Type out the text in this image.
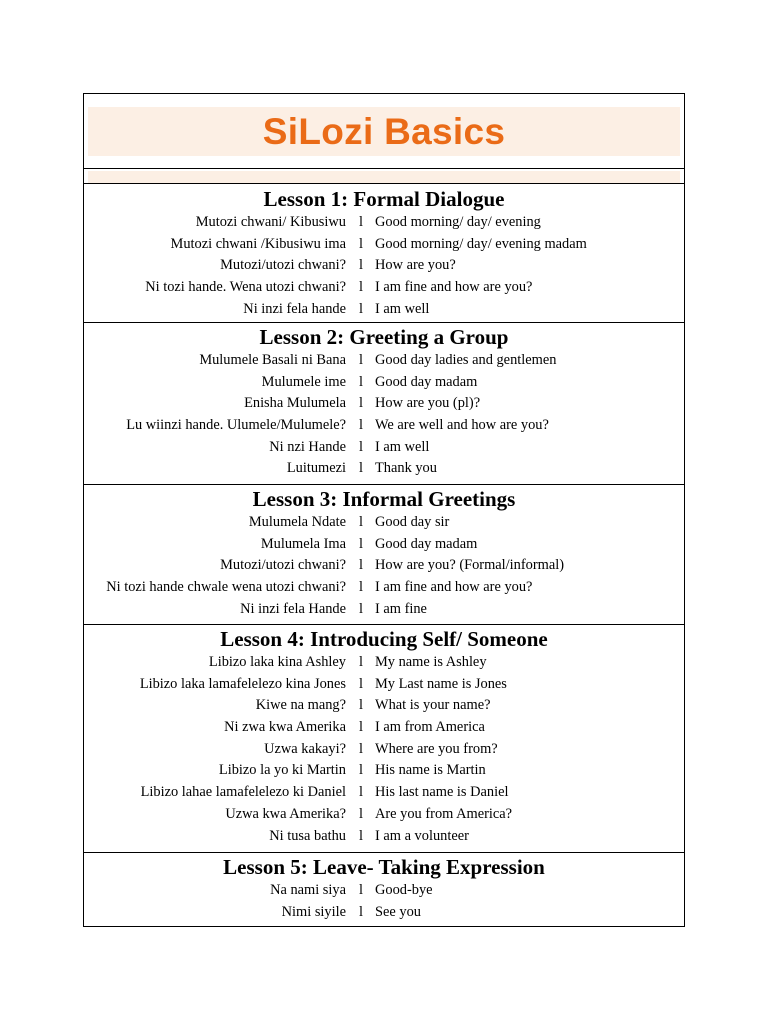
SiLozi Basics
Lesson 1: Formal Dialogue
Mutozi chwani/ Kibusiwu l Good morning/ day/ evening
Mutozi chwani /Kibusiwu ima l Good morning/ day/ evening madam
Mutozi/utozi chwani? l How are you?
Ni tozi hande. Wena utozi chwani? l I am fine and how are you?
Ni inzi fela hande l I am well
Lesson 2: Greeting a Group
Mulumele Basali ni Bana l Good day ladies and gentlemen
Mulumele ime l Good day madam
Enisha Mulumela l How are you (pl)?
Lu wiinzi hande. Ulumele/Mulumele? l We are well and how are you?
Ni nzi Hande l I am well
Luitumezi l Thank you
Lesson 3: Informal Greetings
Mulumela Ndate l Good day sir
Mulumela Ima l Good day madam
Mutozi/utozi chwani? l How are you? (Formal/informal)
Ni tozi hande chwale wena utozi chwani? l I am fine and how are you?
Ni inzi fela Hande l I am fine
Lesson 4: Introducing Self/ Someone
Libizo laka kina Ashley l My name is Ashley
Libizo laka lamafelelezo kina Jones l My Last name is Jones
Kiwe na mang? l What is your name?
Ni zwa kwa Amerika l I am from America
Uzwa kakayi? l Where are you from?
Libizo la yo ki Martin l His name is Martin
Libizo lahae lamafelelezo ki Daniel l His last name is Daniel
Uzwa kwa Amerika? l Are you from America?
Ni tusa bathu l I am a volunteer
Lesson 5: Leave- Taking Expression
Na nami siya l Good-bye
Nimi siyile l See you
